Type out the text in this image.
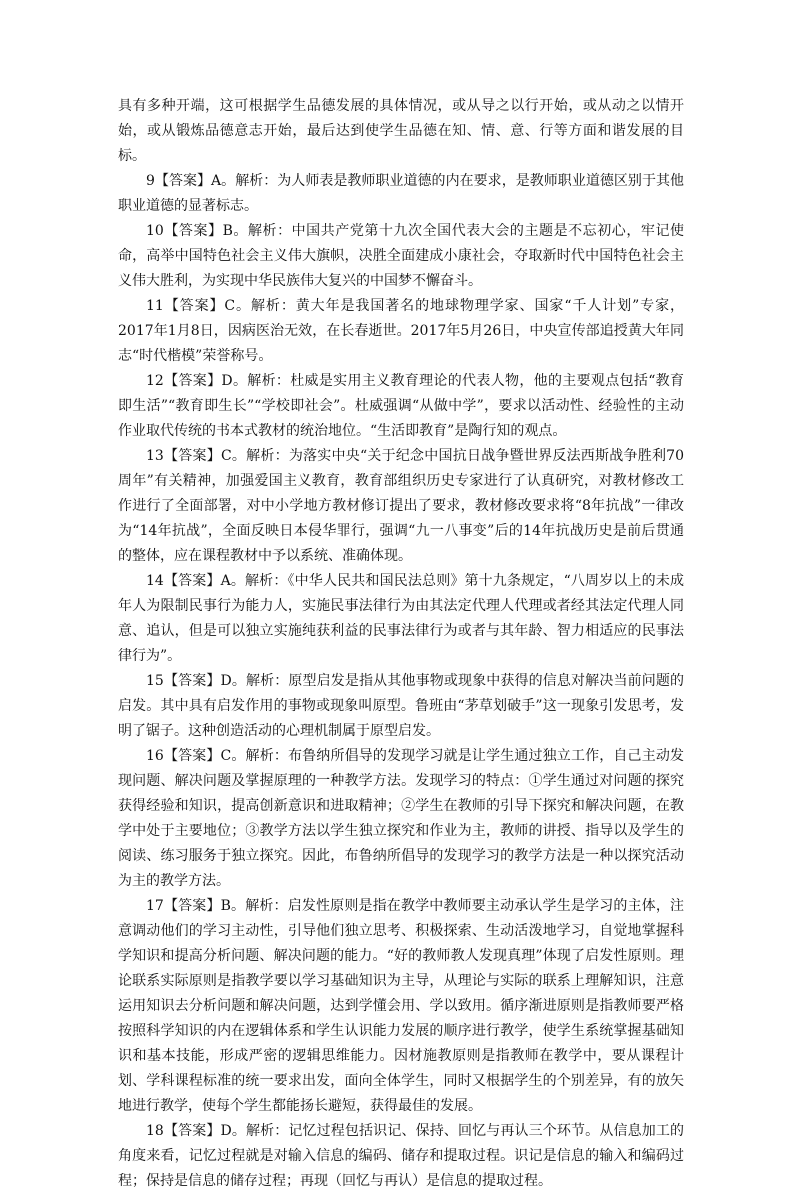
具有多种开端，这可根据学生品德发展的具体情况，或从导之以行开始，或从动之以情开始，或从锻炼品德意志开始，最后达到使学生品德在知、情、意、行等方面和谐发展的目标。

9【答案】A。解析：为人师表是教师职业道德的内在要求，是教师职业道德区别于其他职业道德的显著标志。

10【答案】B。解析：中国共产党第十九次全国代表大会的主题是不忘初心，牢记使命，高举中国特色社会主义伟大旗帜，决胜全面建成小康社会，夺取新时代中国特色社会主义伟大胜利，为实现中华民族伟大复兴的中国梦不懈奋斗。

11【答案】C。解析：黄大年是我国著名的地球物理学家、国家“千人计划”专家，2017年1月8日，因病医治无效，在长春逝世。2017年5月26日，中央宣传部追授黄大年同志“时代楷模”荣誉称号。

12【答案】D。解析：杜威是实用主义教育理论的代表人物，他的主要观点包括“教育即生活”“教育即生长”“学校即社会”。杜威强调“从做中学”，要求以活动性、经验性的主动作业取代传统的书本式教材的统治地位。“生活即教育”是陶行知的观点。

13【答案】C。解析：为落实中央“关于纪念中国抗日战争暨世界反法西斯战争胜利70周年”有关精神，加强爱国主义教育，教育部组织历史专家进行了认真研究，对教材修改工作进行了全面部署，对中小学地方教材修订提出了要求，教材修改要求将“8年抗战”一律改为“14年抗战”，全面反映日本侵华罪行，强调“九一八事变”后的14年抗战历史是前后贯通的整体，应在课程教材中予以系统、准确体现。

14【答案】A。解析：《中华人民共和国民法总则》第十九条规定，“八周岁以上的未成年人为限制民事行为能力人，实施民事法律行为由其法定代理人代理或者经其法定代理人同意、追认，但是可以独立实施纯获利益的民事法律行为或者与其年龄、智力相适应的民事法律行为”。

15【答案】D。解析：原型启发是指从其他事物或现象中获得的信息对解决当前问题的启发。其中具有启发作用的事物或现象叫原型。鲁班由“茅草划破手”这一现象引发思考，发明了锯子。这种创造活动的心理机制属于原型启发。

16【答案】C。解析：布鲁纳所倡导的发现学习就是让学生通过独立工作，自己主动发现问题、解决问题及掌握原理的一种教学方法。发现学习的特点：①学生通过对问题的探究获得经验和知识，提高创新意识和进取精神；②学生在教师的引导下探究和解决问题，在教学中处于主要地位；③教学方法以学生独立探究和作业为主，教师的讲授、指导以及学生的阅读、练习服务于独立探究。因此，布鲁纳所倡导的发现学习的教学方法是一种以探究活动为主的教学方法。

17【答案】B。解析：启发性原则是指在教学中教师要主动承认学生是学习的主体，注意调动他们的学习主动性，引导他们独立思考、积极探索、生动活泼地学习，自觉地掌握科学知识和提高分析问题、解决问题的能力。“好的教师教人发现真理”体现了启发性原则。理论联系实际原则是指教学要以学习基础知识为主导，从理论与实际的联系上理解知识，注意运用知识去分析问题和解决问题，达到学懂会用、学以致用。循序渐进原则是指教师要严格按照科学知识的内在逻辑体系和学生认识能力发展的顺序进行教学，使学生系统掌握基础知识和基本技能，形成严密的逻辑思维能力。因材施教原则是指教师在教学中，要从课程计划、学科课程标准的统一要求出发，面向全体学生，同时又根据学生的个别差异，有的放矢地进行教学，使每个学生都能扬长避短，获得最佳的发展。

18【答案】D。解析：记忆过程包括识记、保持、回忆与再认三个环节。从信息加工的角度来看，记忆过程就是对输入信息的编码、储存和提取过程。识记是信息的输入和编码过程；保持是信息的储存过程；再现（回忆与再认）是信息的提取过程。
